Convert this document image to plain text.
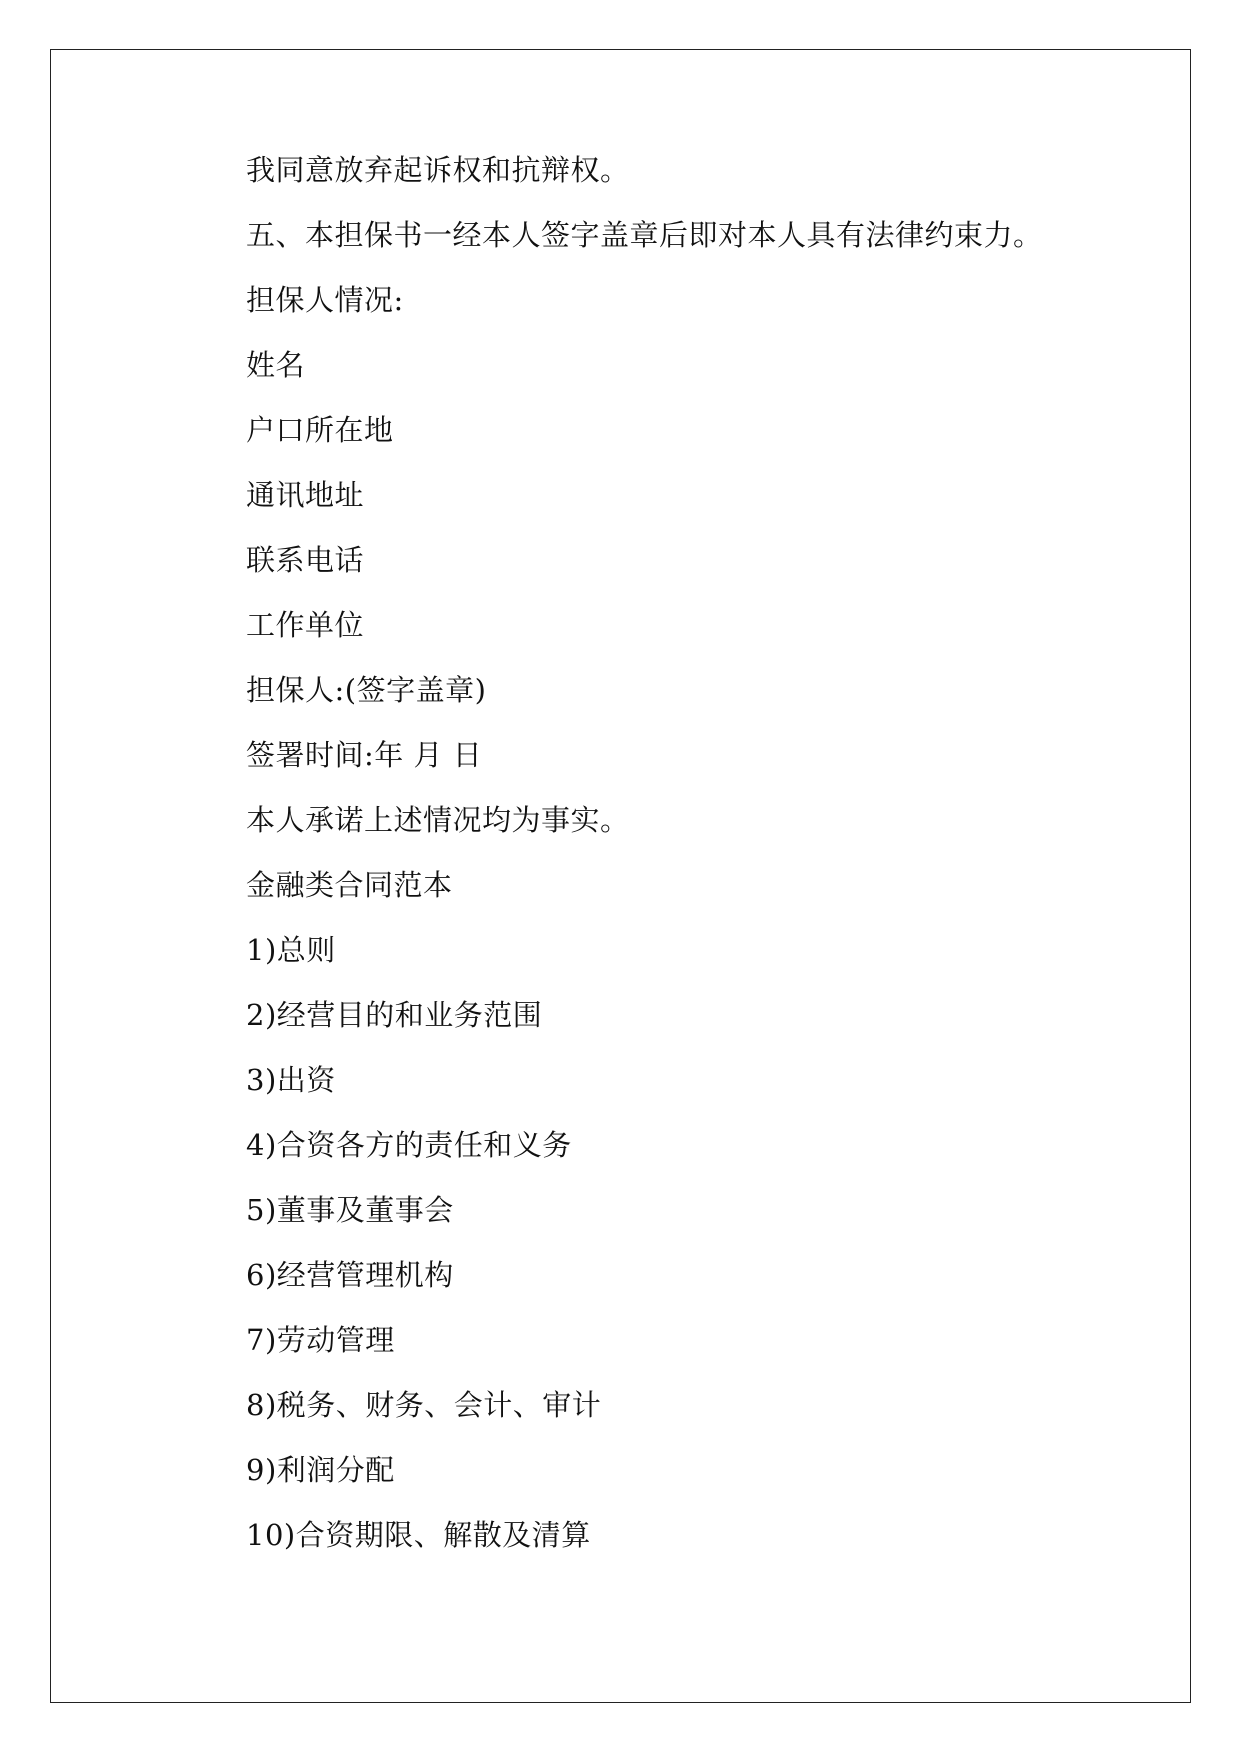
我同意放弃起诉权和抗辩权。
五、本担保书一经本人签字盖章后即对本人具有法律约束力。
担保人情况:
姓名
户口所在地
通讯地址
联系电话
工作单位
担保人:(签字盖章)
签署时间:年 月 日
本人承诺上述情况均为事实。
金融类合同范本
1)总则
2)经营目的和业务范围
3)出资
4)合资各方的责任和义务
5)董事及董事会
6)经营管理机构
7)劳动管理
8)税务、财务、会计、审计
9)利润分配
10)合资期限、解散及清算
